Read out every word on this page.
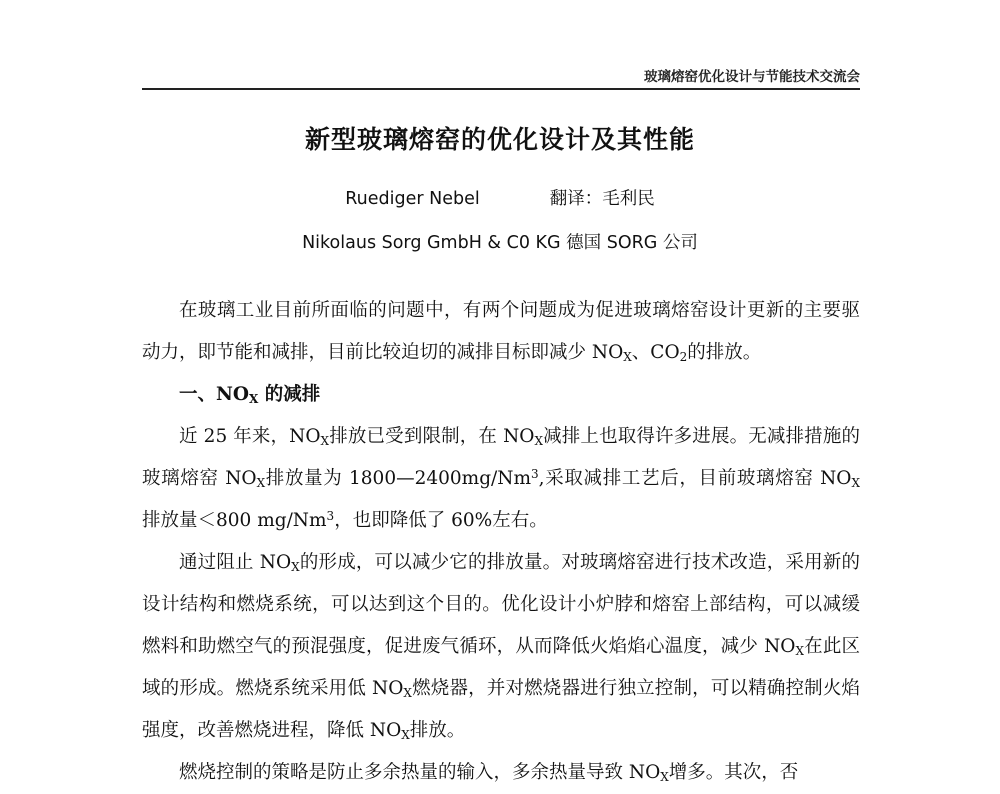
玻璃熔窑优化设计与节能技术交流会
新型玻璃熔窑的优化设计及其性能
Ruediger Nebel	翻译：毛利民
Nikolaus Sorg GmbH & C0 KG 德国 SORG 公司

在玻璃工业目前所面临的问题中，有两个问题成为促进玻璃熔窑设计更新的主要驱动力，即节能和减排，目前比较迫切的减排目标即减少 $NO_X$、$CO_2$的排放。

一、$NO_X$ 的减排

近 25 年来，$NO_X$排放已受到限制，在 $NO_X$减排上也取得许多进展。无减排措施的玻璃熔窑 $NO_X$排放量为 1800—2400mg/Nm$^3$,采取减排工艺后，目前玻璃熔窑 $NO_X$排放量＜800 mg/Nm$^3$，也即降低了 60%左右。

通过阻止 $NO_X$的形成，可以减少它的排放量。对玻璃熔窑进行技术改造，采用新的设计结构和燃烧系统，可以达到这个目的。优化设计小炉脖和熔窑上部结构，可以减缓燃料和助燃空气的预混强度，促进废气循环，从而降低火焰焰心温度，减少 $NO_X$在此区域的形成。燃烧系统采用低 $NO_X$燃烧器，并对燃烧器进行独立控制，可以精确控制火焰强度，改善燃烧进程，降低 $NO_X$排放。

燃烧控制的策略是防止多余热量的输入，多余热量导致 $NO_X$增多。其次，否
